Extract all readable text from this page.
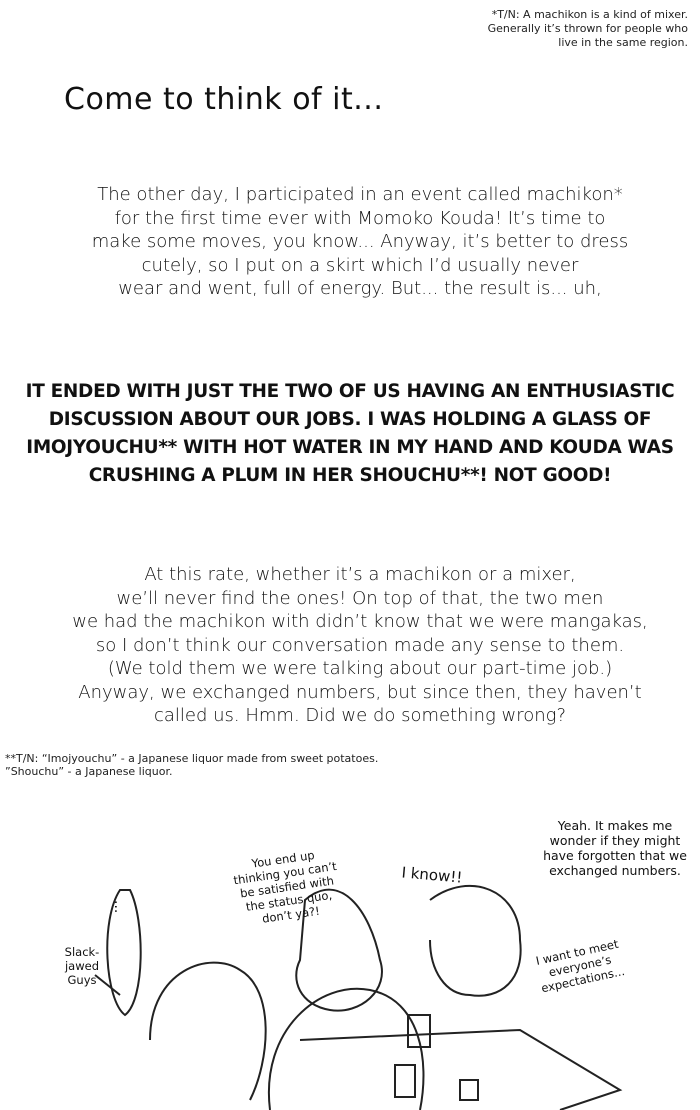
*T/N: A machikon is a kind of mixer.
Generally it’s thrown for people who
live in the same region.
Come to think of it...
The other day, I participated in an event called machikon*
for the first time ever with Momoko Kouda! It’s time to
make some moves, you know... Anyway, it’s better to dress
cutely, so I put on a skirt which I’d usually never
wear and went, full of energy. But... the result is... uh,
IT ENDED WITH JUST THE TWO OF US HAVING AN ENTHUSIASTIC
DISCUSSION ABOUT OUR JOBS. I WAS HOLDING A GLASS OF
IMOJYOUCHU** WITH HOT WATER IN MY HAND AND KOUDA WAS
CRUSHING A PLUM IN HER SHOUCHU**! NOT GOOD!
At this rate, whether it’s a machikon or a mixer,
we’ll never find the ones! On top of that, the two men
we had the machikon with didn’t know that we were mangakas,
so I don’t think our conversation made any sense to them.
(We told them we were talking about our part-time job.)
Anyway, we exchanged numbers, but since then, they haven’t
called us. Hmm. Did we do something wrong?
**T/N: “Imojyouchu” - a Japanese liquor made from sweet potatoes.
”Shouchu” - a Japanese liquor.
You end up thinking you can’t be satisfied with the status quo, don’t ya?!
I know!!
Yeah. It makes me wonder if they might have forgotten that we exchanged numbers.
I want to meet everyone’s expectations...
Slack-jawed Guys
...
